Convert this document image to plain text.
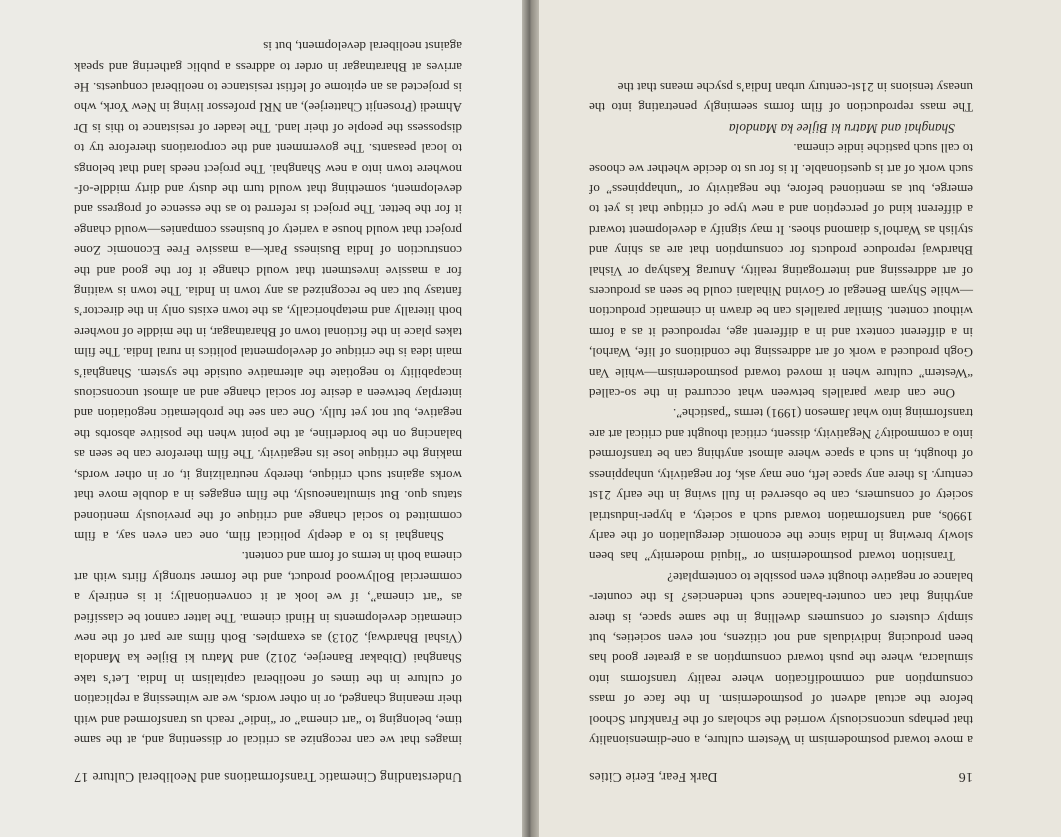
16
Dark Fear, Eerie Cities

a move toward postmodernism in Western culture, a one-dimensionality that perhaps unconsciously worried the scholars of the Frankfurt School before the actual advent of postmodernism. In the face of mass consumption and commodification where reality transforms into simulacra, where the push toward consumption as a greater good has been producing individuals and not citizens, not even societies, but simply clusters of consumers dwelling in the same space, is there anything that can counter-balance such tendencies? Is the counter-balance or negative thought even possible to contemplate?

Transition toward postmodernism or “liquid modernity” has been slowly brewing in India since the economic deregulation of the early 1990s, and transformation toward such a society, a hyper-industrial society of consumers, can be observed in full swing in the early 21st century. Is there any space left, one may ask, for negativity, unhappiness of thought, in such a space where almost anything can be transformed into a commodity? Negativity, dissent, critical thought and critical art are transforming into what Jameson (1991) terms “pastiche”.

One can draw parallels between what occurred in the so-called “Western” culture when it moved toward postmodernism—while Van Gogh produced a work of art addressing the conditions of life, Warhol, in a different context and in a different age, reproduced it as a form without content. Similar parallels can be drawn in cinematic production—while Shyam Benegal or Govind Nihalani could be seen as producers of art addressing and interrogating reality, Anurag Kashyap or Vishal Bhardwaj reproduce products for consumption that are as shiny and stylish as Warhol’s diamond shoes. It may signify a development toward a different kind of perception and a new type of critique that is yet to emerge, but as mentioned before, the negativity or “unhappiness” of such work of art is questionable. It is for us to decide whether we choose to call such pastiche indie cinema.

Shanghai and Matru ki Bijlee ka Mandola

The mass reproduction of film forms seemingly penetrating into the uneasy tensions in 21st-century urban India’s psyche means that the

Understanding Cinematic Transformations and Neoliberal Culture
17

images that we can recognize as critical or dissenting and, at the same time, belonging to “art cinema” or “indie” reach us transformed and with their meaning changed, or in other words, we are witnessing a replication of culture in the times of neoliberal capitalism in India. Let’s take Shanghai (Dibakar Banerjee, 2012) and Matru ki Bijlee ka Mandola (Vishal Bhardwaj, 2013) as examples. Both films are part of the new cinematic developments in Hindi cinema. The latter cannot be classified as “art cinema”, if we look at it conventionally; it is entirely a commercial Bollywood product, and the former strongly flirts with art cinema both in terms of form and content.

Shanghai is to a deeply political film, one can even say, a film committed to social change and critique of the previously mentioned status quo. But simultaneously, the film engages in a double move that works against such critique, thereby neutralizing it, or in other words, making the critique lose its negativity. The film therefore can be seen as balancing on the borderline, at the point when the positive absorbs the negative, but not yet fully. One can see the problematic negotiation and interplay between a desire for social change and an almost unconscious incapability to negotiate the alternative outside the system. Shanghai’s main idea is the critique of developmental politics in rural India. The film takes place in the fictional town of Bharatnagar, in the middle of nowhere both literally and metaphorically, as the town exists only in the director’s fantasy but can be recognized as any town in India. The town is waiting for a massive investment that would change it for the good and the construction of India Business Park—a massive Free Economic Zone project that would house a variety of business companies—would change it for the better. The project is referred to as the essence of progress and development, something that would turn the dusty and dirty middle-of-nowhere town into a new Shanghai. The project needs land that belongs to local peasants. The government and the corporations therefore try to dispossess the people of their land. The leader of resistance to this is Dr Ahmedi (Prosenjit Chatterjee), an NRI professor living in New York, who is projected as an epitome of leftist resistance to neoliberal conquests. He arrives at Bharatnagar in order to address a public gathering and speak against neoliberal development, but is
